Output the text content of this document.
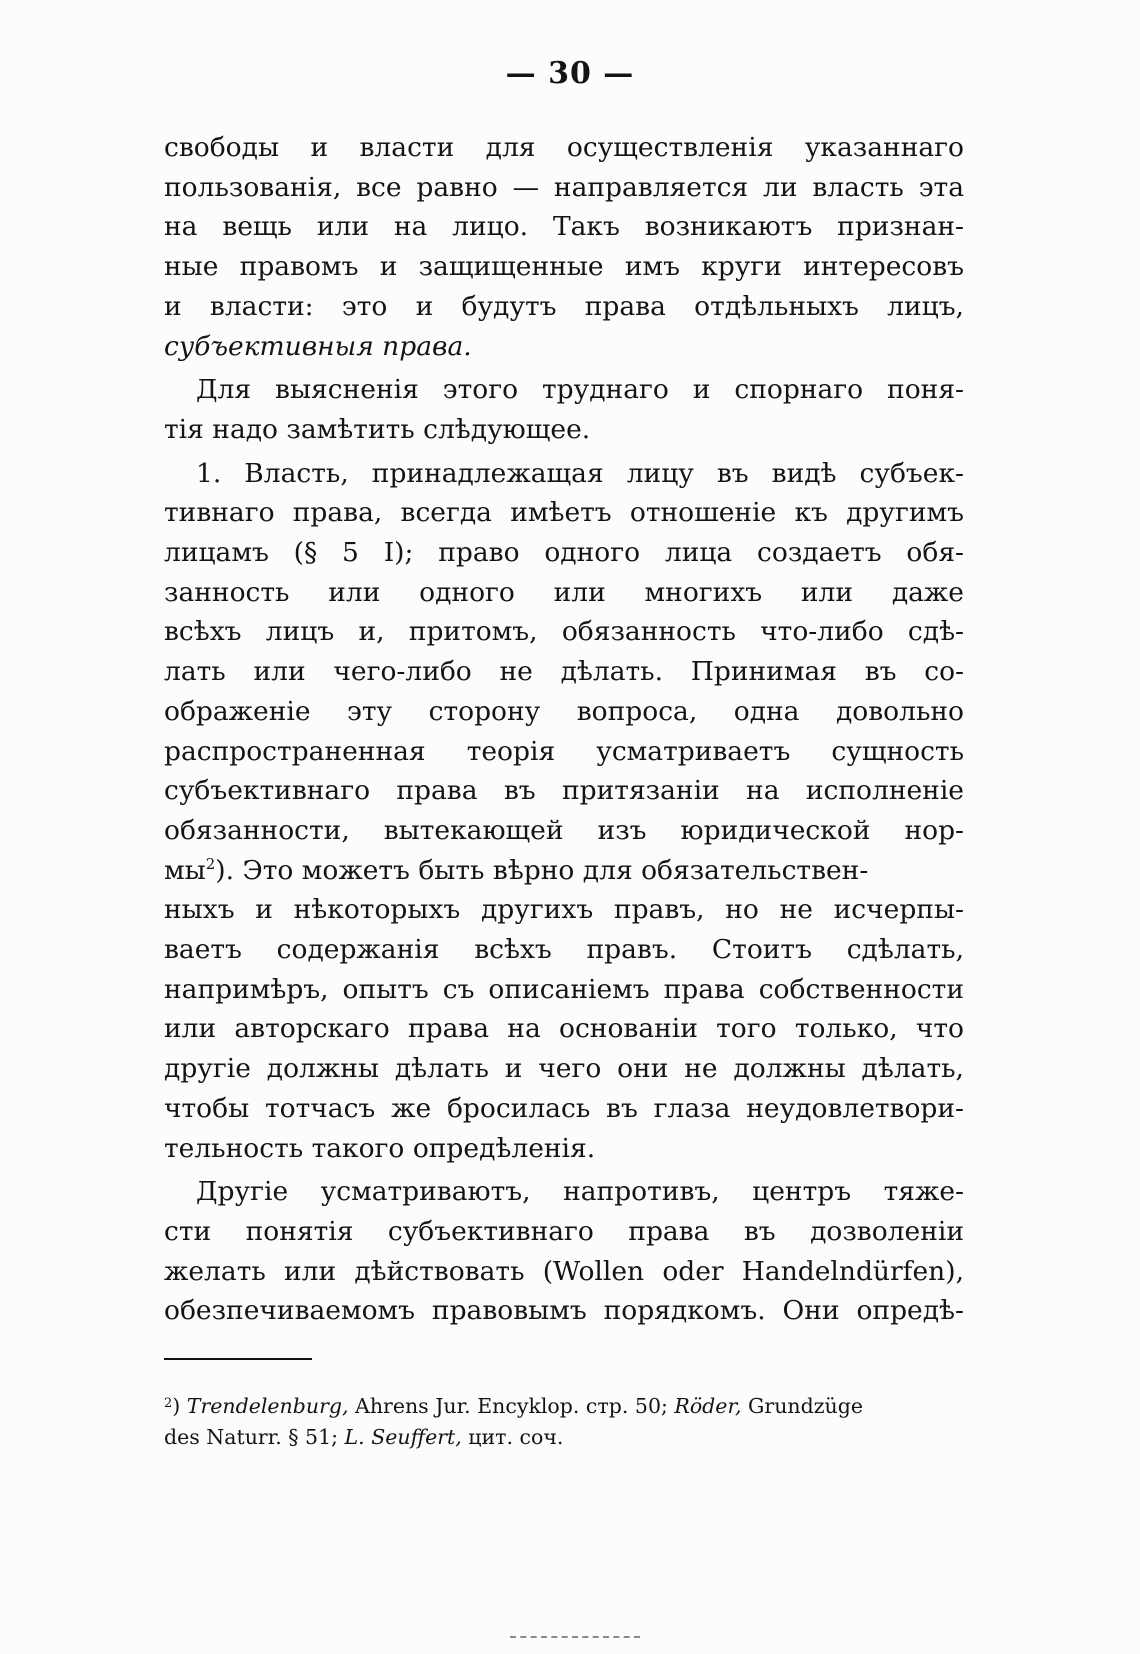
— 30 —

свободы и власти для осуществленія указаннаго
пользованія, все равно — направляется ли власть эта
на вещь или на лицо. Такъ возникаютъ признан-
ные правомъ и защищенные имъ круги интересовъ
и власти: это и будутъ права отдѣльныхъ лицъ,
субъективныя права.

Для выясненія этого труднаго и спорнаго поня-
тія надо замѣтить слѣдующее.

1. Власть, принадлежащая лицу въ видѣ субъек-
тивнаго права, всегда имѣетъ отношеніе къ другимъ
лицамъ (§ 5 I); право одного лица создаетъ обя-
занность или одного или многихъ или даже
всѣхъ лицъ и, притомъ, обязанность что-либо сдѣ-
лать или чего-либо не дѣлать. Принимая въ со-
ображеніе эту сторону вопроса, одна довольно
распространенная теорія усматриваетъ сущность
субъективнаго права въ притязаніи на исполненіе
обязанности, вытекающей изъ юридической нор-
$мы^2$). Это можетъ быть вѣрно для обязательствен-
ныхъ и нѣкоторыхъ другихъ правъ, но не исчерпы-
ваетъ содержанія всѣхъ правъ. Стоитъ сдѣлать,
напримѣръ, опытъ съ описаніемъ права собственности
или авторскаго права на основаніи того только, что
другіе должны дѣлать и чего они не должны дѣлать,
чтобы тотчасъ же бросилась въ глаза неудовлетвори-
тельность такого опредѣленія.

Другіе усматриваютъ, напротивъ, центръ тяже-
сти понятія субъективнаго права въ дозволеніи
желать или дѣйствовать (Wollen oder Handelndürfen),
обезпечиваемомъ правовымъ порядкомъ. Они опредѣ-

$^2$) Trendelenburg, Ahrens Jur. Encyklop. стр. 50; Röder, Grundzüge
des Naturr. § 51; L. Seuffert, цит. соч.
